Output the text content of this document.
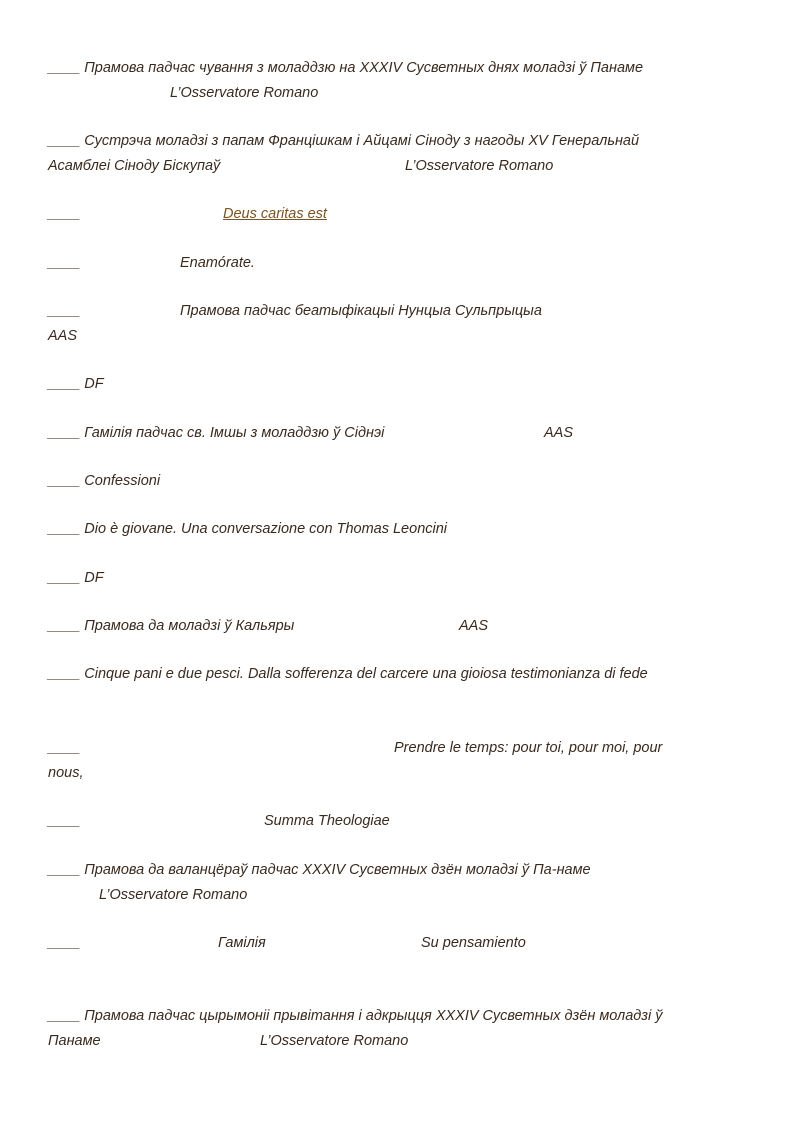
____ Прамова падчас чування з моладдзю на XXXIV Сусветных днях моладзі ў Панаме
L’Osservatore Romano
____ Сустрэча моладзі з папам Францішкам і Айцамі Сіноду з нагоды XV Генеральнай
Асамблеі Сіноду Біскупаў	L’Osservatore Romano
____	Deus caritas est
____	Enamórate.
____	Прамова падчас беатыфікацыі Нунцыа Сульпрыцыа
AAS
____ DF
____ Гамілія падчас св. Імшы з моладдзю ў Сіднэі	AAS
____ Confessioni
____ Dio è giovane. Una conversazione con Thomas Leoncini
____ DF
____ Прамова да моладзі ў Кальяры	AAS
____ Cinque pani e due pesci. Dalla sofferenza del carcere una gioiosa testimonianza di fede
____	Prendre le temps: pour toi, pour moi, pour
nous,
____	Summa Theologiae
____ Прамова да валанцёраў падчас XXXIV Сусветных дзён моладзі ў Па-наме
L’Osservatore Romano
____	Гамілія	Su pensamiento
____ Прамова падчас цырымоніі прывітання і адкрыцця XXXIV Сусветных дзён моладзі ў
Панаме	L’Osservatore Romano
